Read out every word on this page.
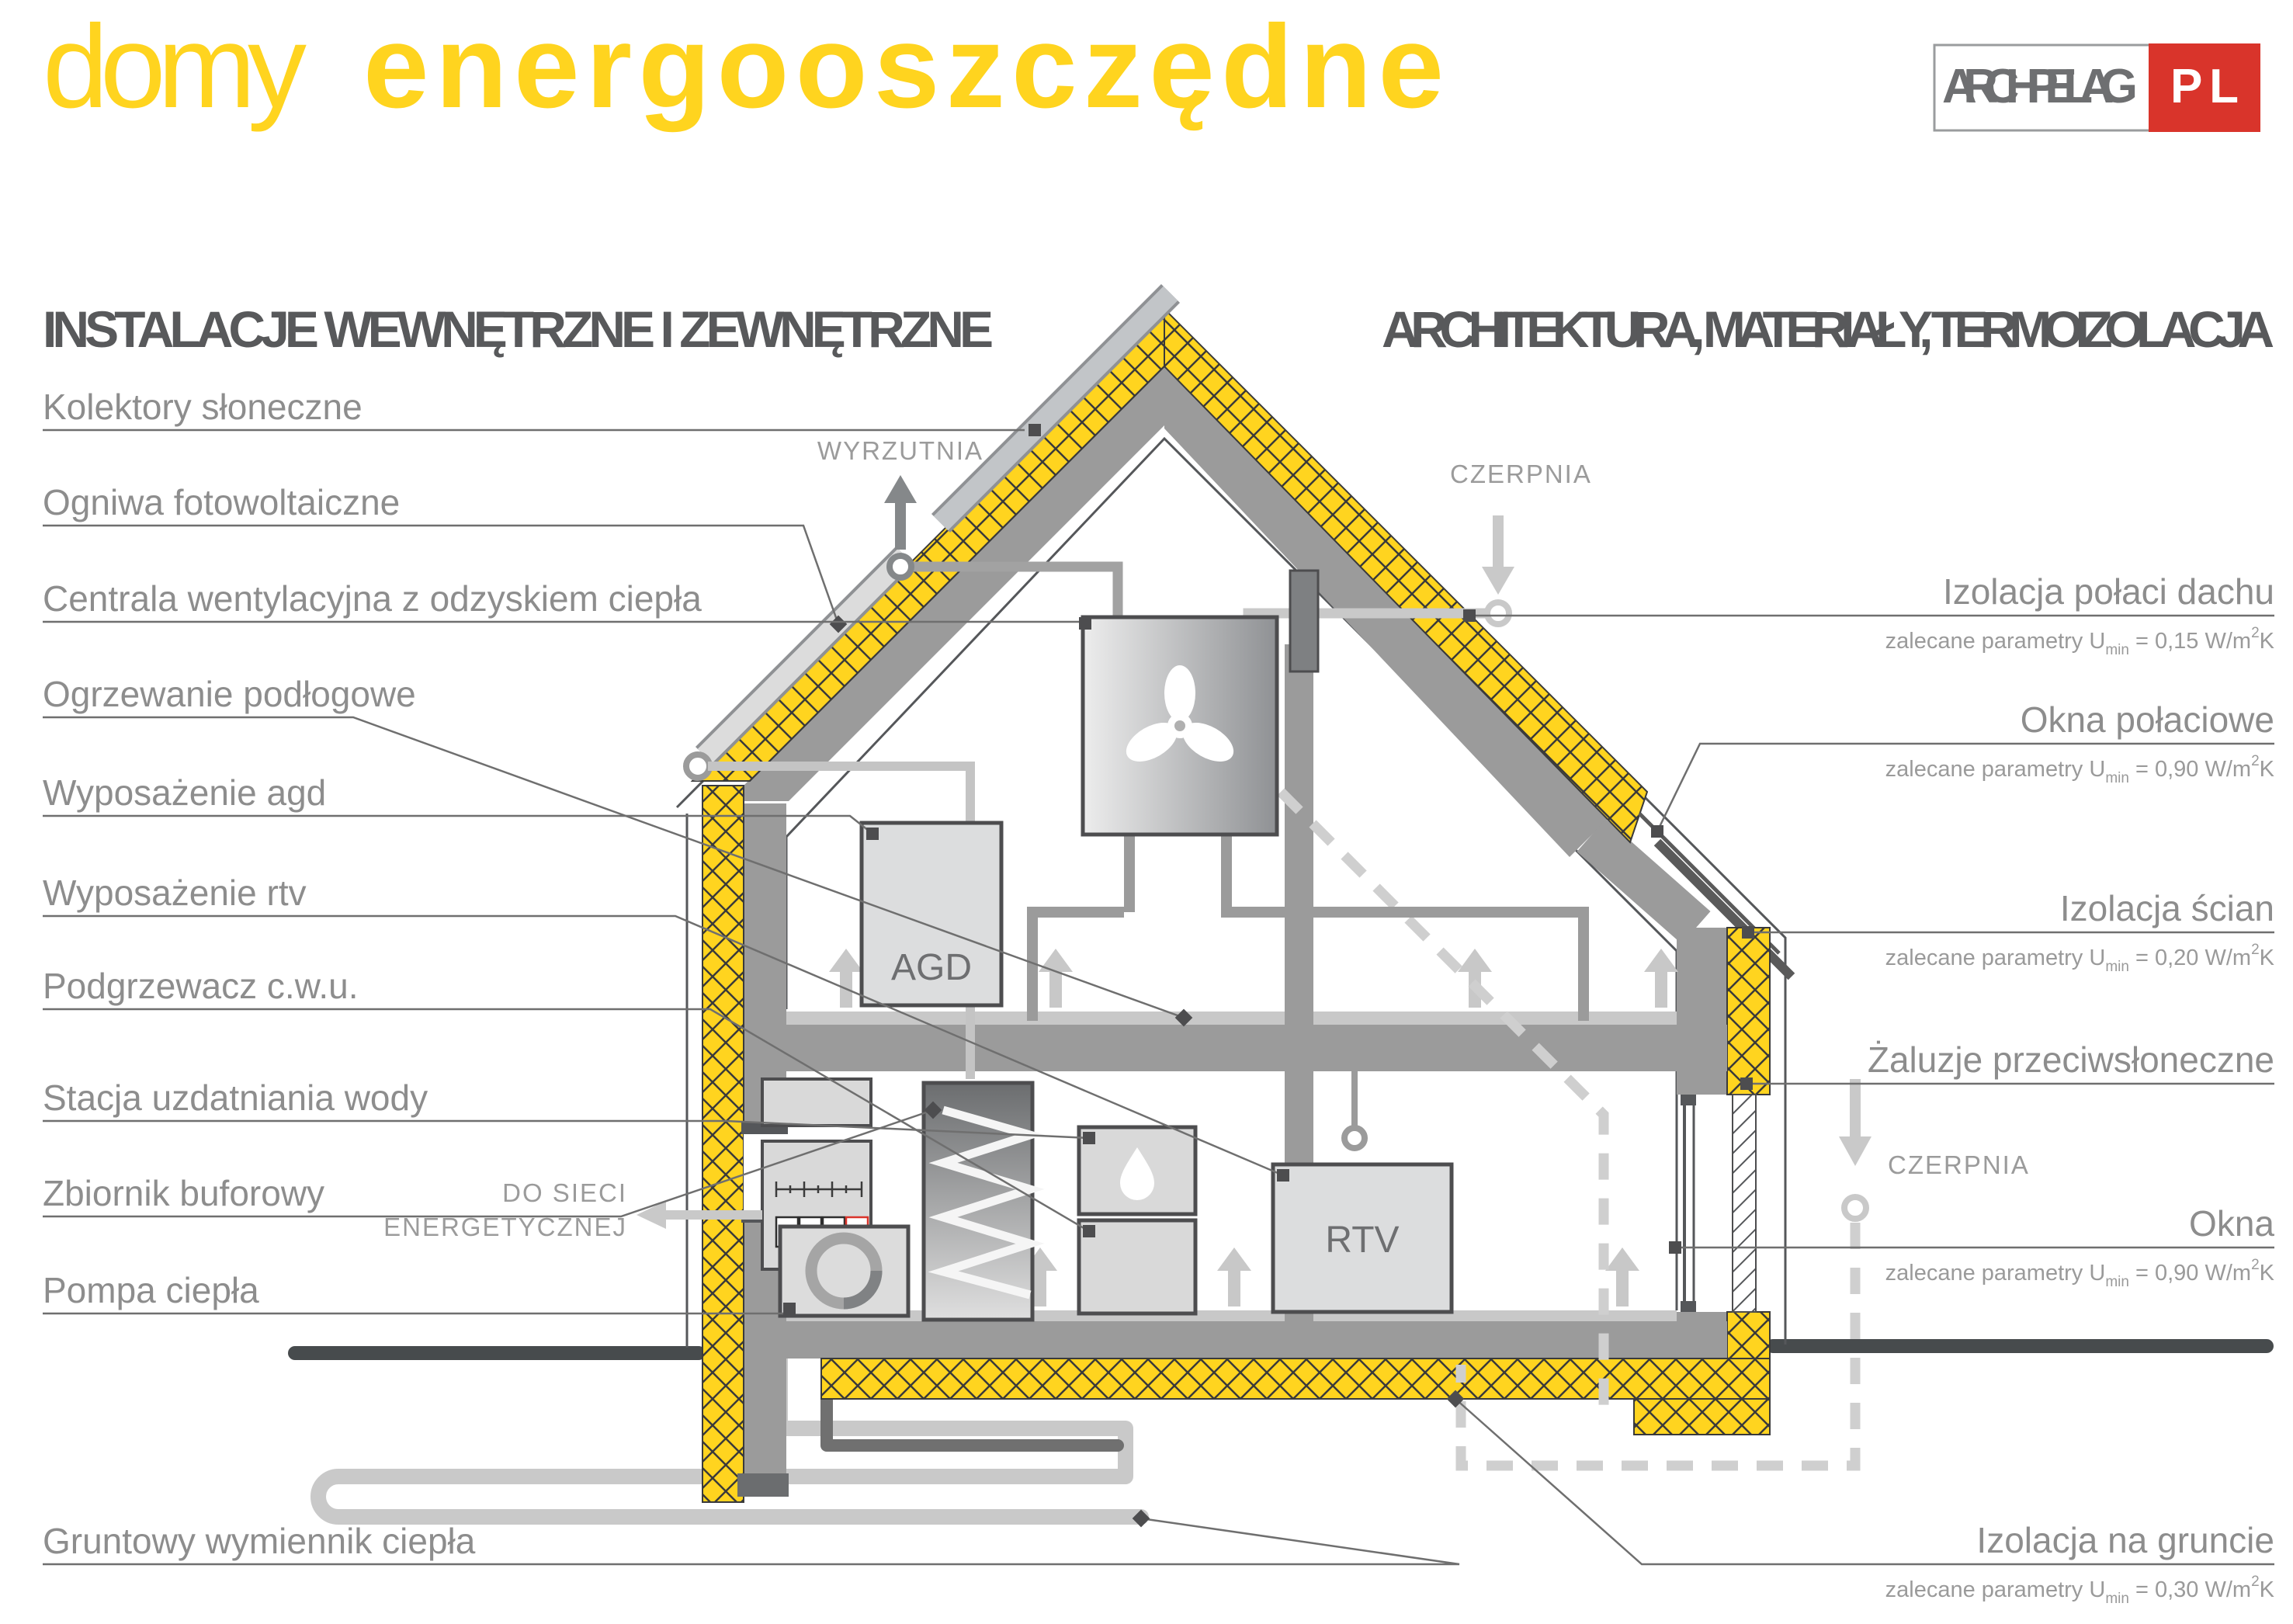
AGD
RTV
WYRZUTNIA
CZERPNIA
CZERPNIA
DO SIECI
ENERGETYCZNEJ
Kolektory słoneczne
Ogniwa fotowoltaiczne
Centrala wentylacyjna z odzyskiem ciepła
Ogrzewanie podłogowe
Wyposażenie agd
Wyposażenie rtv
Podgrzewacz c.w.u.
Stacja uzdatniania wody
Zbiornik buforowy
Pompa ciepła
Gruntowy wymiennik ciepła
Izolacja połaci dachu
zalecane parametry $U_{min} = 0,15$ $W/m^2K$
Okna połaciowe
zalecane parametry $U_{min} = 0,90$ $W/m^2K$
Izolacja ścian
zalecane parametry $U_{min} = 0,20$ $W/m^2K$
Żaluzje przeciwsłoneczne
Okna
zalecane parametry $U_{min} = 0,90$ $W/m^2K$
Izolacja na gruncie
zalecane parametry $U_{min} = 0,30$ $W/m^2K$
INSTALACJE WEWNĘTRZNE I ZEWNĘTRZNE	ARCHITEKTURA, MATERIAŁY, TERMOIZOLACJA
domy energooszczędne	ARCHIPELAG PL
